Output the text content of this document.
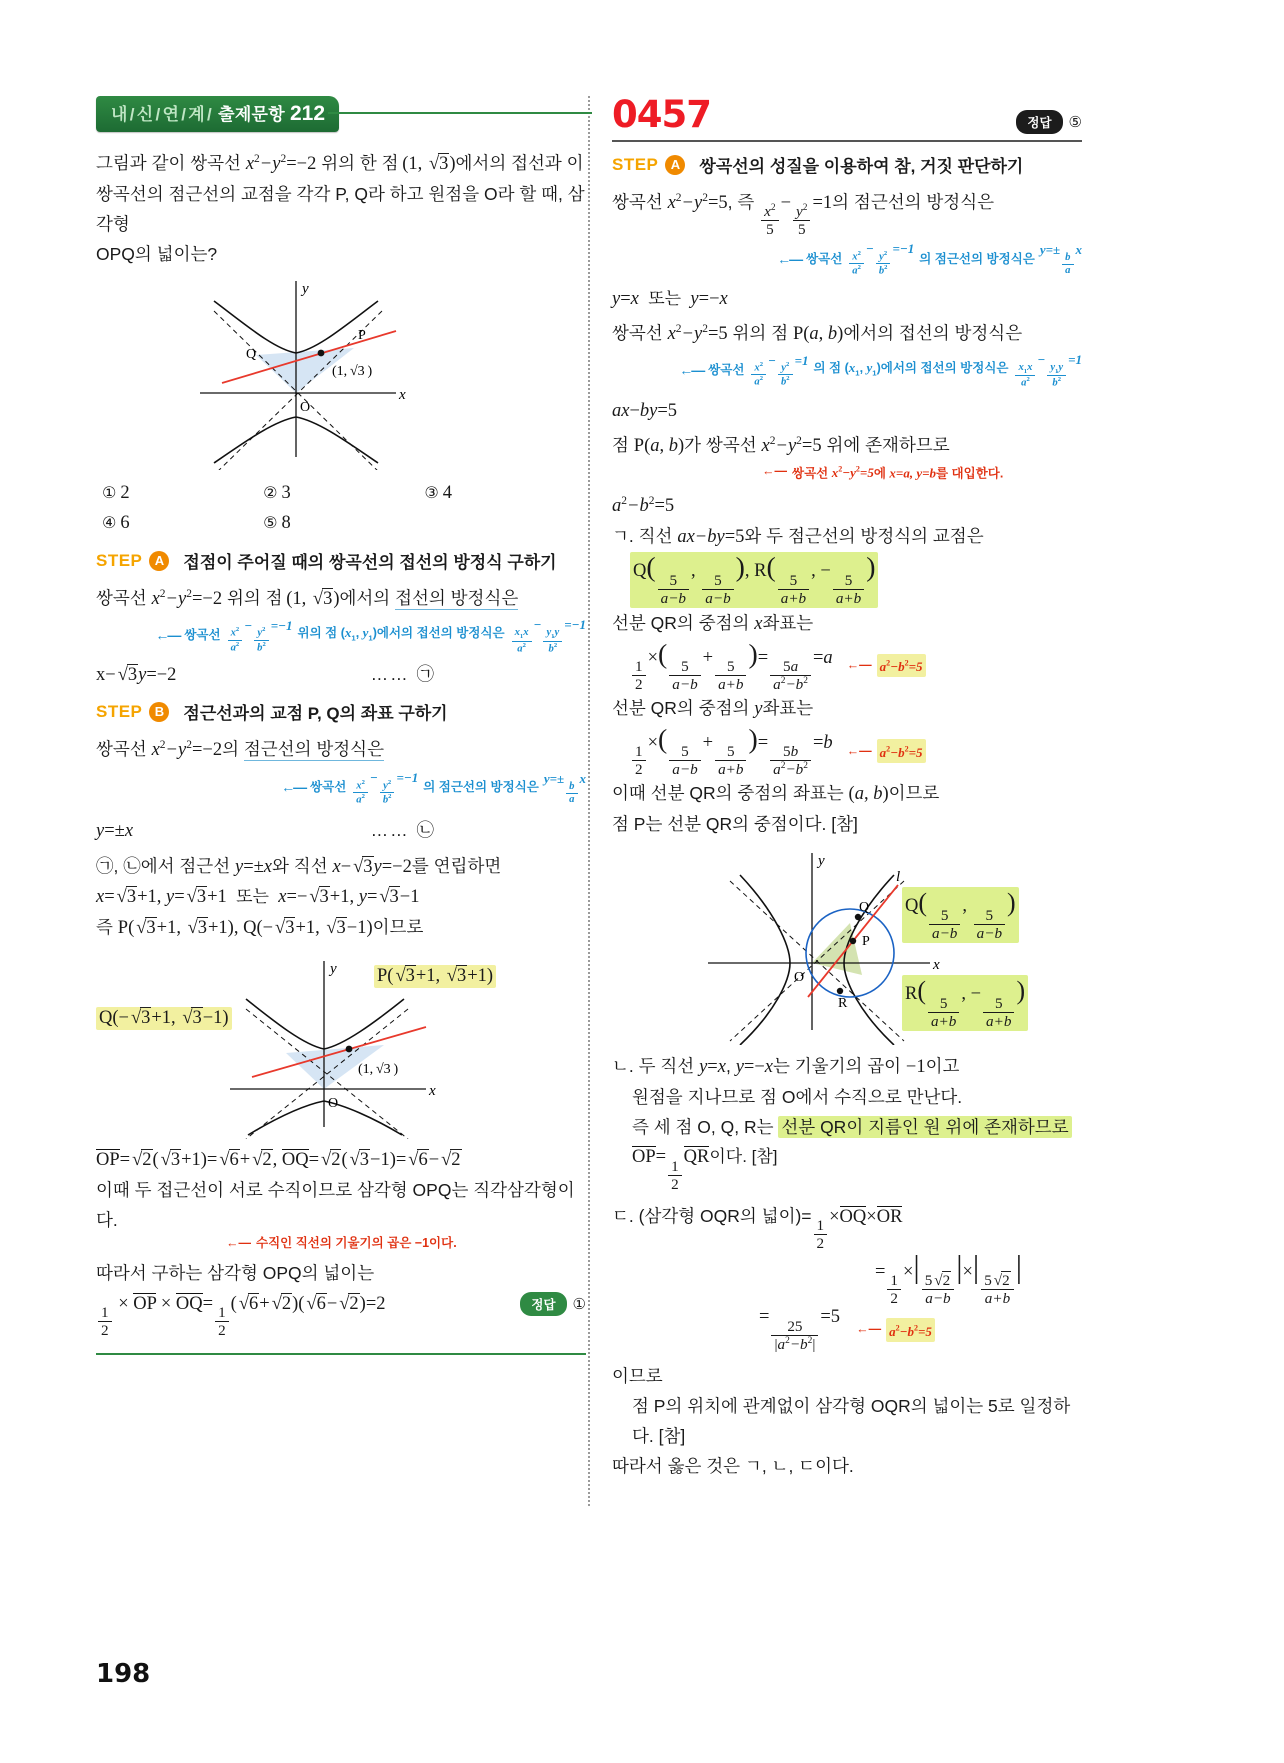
내 / 신 / 연 / 계 / 출제문항 212

그림과 같이 쌍곡선 $x^2-y^2=-2$ 위의 한 점 (1, √ 3)에서의 접선과 이

쌍곡선의 점근선의 교점을 각각 P, Q라 하고 원점을 O라 할 때, 삼각형

OPQ의 넓이는?

y
x
O
P
Q
(1, √3 )
① 2	② 3	③ 4
④ 6	⑤ 8
STEP A	접점이 주어질 때의 쌍곡선의 접선의 방정식 구하기

쌍곡선 $x^2-y^2=-2$ 위의 점 (1, √ 3)에서의 접선의 방정식은

←— 쌍곡선 $\frac{x^2}{a^2}$
−
$\frac{y^2}{b^2}$
=−1
위의 점 ($x_1$, $y_1$)에서의 접선의 방정식은 $\frac{x_1x}{a^2}$
−
$\frac{y_1y}{b^2}$
=−1
x− √ 3y=−2	…… ㉠
STEP B	점근선과의 교점 P, Q의 좌표 구하기

쌍곡선 $x^2-y^2=-2$의 점근선의 방정식은

←— 쌍곡선 $\frac{x^2}{a^2}$
−
$\frac{y^2}{b^2}$
=−1
의 점근선의 방정식은
y=±
$\frac{b}{a}$
x
y=±x	…… ㉡

㉠, ㉡에서 점근선 y=±x와 직선 x− √ 3y=−2를 연립하면

x= √ 3+1, y= √ 3+1  또는  x=− √ 3+1, y= √ 3−1

즉 P( √ 3+1, √ 3+1), Q(− √ 3+1, √ 3−1)이므로

y
x
O
(1, √3 )
P( √ 3+1, √ 3+1)
Q(− √ 3+1, √ 3−1)

OP= √ 2( √ 3+1)= √ 6+ √ 2, OQ= √ 2( √ 3−1)= √ 6− √ 2

이때 두 접근선이 서로 수직이므로 삼각형 OPQ는 직각삼각형이다.

←— 수직인 직선의 기울기의 곱은 −1이다.

따라서 구하는 삼각형 OPQ의 넓이는

$\frac{1}{2}$
× OP × OQ=
$\frac{1}{2}$
( √ 6+ √ 2)( √ 6− √ 2)=2	정답	①
0457	정답	⑤
STEP A	쌍곡선의 성질을 이용하여 참, 거짓 판단하기

쌍곡선 $x^2-y^2=5$, 즉
$\frac{x^2}{5}$
−
$\frac{y^2}{5}$
=1의 점근선의 방정식은

←— 쌍곡선 $\frac{x^2}{a^2}$
−
$\frac{y^2}{b^2}$
=−1
의 점근선의 방정식은
y=±
$\frac{b}{a}$
x

y=x  또는  y=−x

쌍곡선 $x^2-y^2=5$ 위의 점 P(a, b)에서의 접선의 방정식은

←— 쌍곡선 $\frac{x^2}{a^2}$
−
$\frac{y^2}{b^2}$
=1
의 점 ($x_1$, $y_1$)에서의 접선의 방정식은 $\frac{x_1x}{a^2}$
−
$\frac{y_1y}{b^2}$
=1

ax−by=5

점 P(a, b)가 쌍곡선 $x^2-y^2=5$ 위에 존재하므로

←— 쌍곡선 $x^2-y^2=5$에 x=a, y=b를 대입한다.

$a^2-b^2=5$

ㄱ. 직선 ax−by=5와 두 점근선의 방정식의 교점은

Q(
$\frac{5}{a-b}$
,
$\frac{5}{a-b}$
), R(
$\frac{5}{a+b}$
, −
$\frac{5}{a+b}$
)

선분 QR의 중점의 x좌표는

$\frac{1}{2}$
×(
$\frac{5}{a-b}$
+
$\frac{5}{a+b}$
)=
$\frac{5a}{a^2-b^2}$
=a ←— $a^2-b^2=5$

선분 QR의 중점의 y좌표는

$\frac{1}{2}$
×(
$\frac{5}{a-b}$
+
$\frac{5}{a+b}$
)=
$\frac{5b}{a^2-b^2}$
=b ←— $a^2-b^2=5$

이때 선분 QR의 중점의 좌표는 (a, b)이므로

점 P는 선분 QR의 중점이다. [참]

y
x
O
P
Q
R
l
Q(
$\frac{5}{a-b}$
,
$\frac{5}{a-b}$
)
R(
$\frac{5}{a+b}$
, −
$\frac{5}{a+b}$
)

ㄴ. 두 직선 y=x, y=−x는 기울기의 곱이 −1이고

원점을 지나므로 점 O에서 수직으로 만난다.

즉 세 점 O, Q, R는 선분 QR이 지름인 원 위에 존재하므로

OP=
$\frac{1}{2}$
QR이다. [참]

ㄷ. (삼각형 OQR의 넓이)=
$\frac{1}{2}$
×OQ×OR

=
$\frac{1}{2}$
×|
$\frac{5 √ 2}{a-b}$
|×|
$\frac{5 √ 2}{a+b}$
|

=
$\frac{25}{|a^2-b^2|}$
=5
←— $a^2-b^2=5$

이므로

점 P의 위치에 관계없이 삼각형 OQR의 넓이는 5로 일정하다. [참]

따라서 옳은 것은 ㄱ, ㄴ, ㄷ이다.

198
